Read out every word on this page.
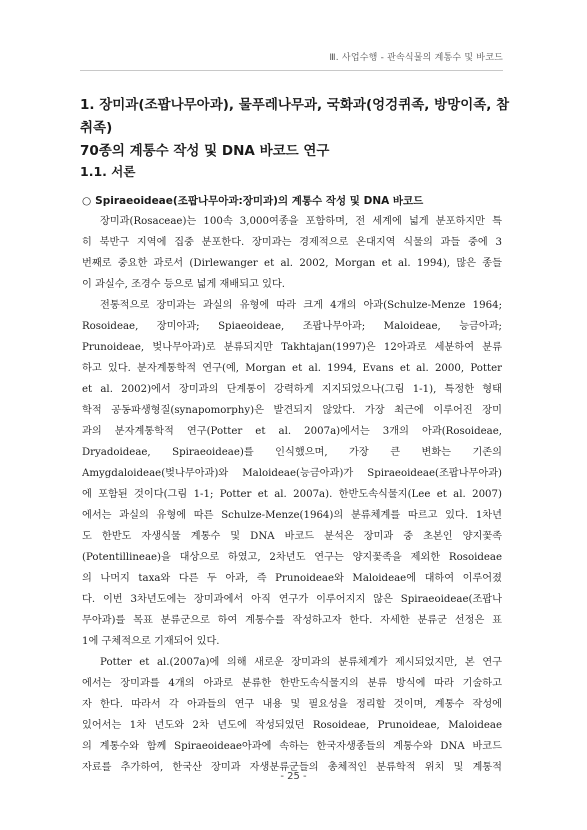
Ⅲ. 사업수행 - 관속식물의 계통수 및 바코드
1. 장미과(조팝나무아과), 물푸레나무과, 국화과(엉겅퀴족, 방망이족, 참취족)
70종의 계통수 작성 및 DNA 바코드 연구
1.1. 서론
○ Spiraeoideae(조팝나무아과:장미과)의 계통수 작성 및 DNA 바코드
장미과(Rosaceae)는 100속 3,000여종을 포함하며, 전 세계에 넓게 분포하지만 특
히 북반구 지역에 집중 분포한다. 장미과는 경제적으로 온대지역 식물의 과들 중에 3
번째로 중요한 과로서 (Dirlewanger et al. 2002, Morgan et al. 1994), 많은 종들
이 과실수, 조경수 등으로 넓게 재배되고 있다.
전통적으로 장미과는 과실의 유형에 따라 크게 4개의 아과(Schulze-Menze 1964;
Rosoideae, 장미아과; Spiaeoideae, 조팝나무아과; Maloideae, 능금아과;
Prunoideae, 벚나무아과)로 분류되지만 Takhtajan(1997)은 12아과로 세분하여 분류
하고 있다. 분자계통학적 연구(예, Morgan et al. 1994, Evans et al. 2000, Potter
et al. 2002)에서 장미과의 단계통이 강력하게 지지되었으나(그림 1-1), 특정한 형태
학적 공동파생형질(synapomorphy)은 발견되지 않았다. 가장 최근에 이루어진 장미
과의 분자계통학적 연구(Potter et al. 2007a)에서는 3개의 아과(Rosoideae,
Dryadoideae, Spiraeoideae)를 인식했으며, 가장 큰 변화는 기존의
Amygdaloideae(벚나무아과)와 Maloideae(능금아과)가 Spiraeoideae(조팝나무아과)
에 포함된 것이다(그림 1-1; Potter et al. 2007a). 한반도속식물지(Lee et al. 2007)
에서는 과실의 유형에 따른 Schulze-Menze(1964)의 분류체계를 따르고 있다. 1차년
도 한반도 자생식물 계통수 및 DNA 바코드 분석은 장미과 중 초본인 양지꽃족
(Potentillineae)을 대상으로 하였고, 2차년도 연구는 양지꽃족을 제외한 Rosoideae
의 나머지 taxa와 다른 두 아과, 즉 Prunoideae와 Maloideae에 대하여 이루어졌
다. 이번 3차년도에는 장미과에서 아직 연구가 이루어지지 않은 Spiraeoideae(조팝나
무아과)를 목표 분류군으로 하여 계통수를 작성하고자 한다. 자세한 분류군 선정은 표
1에 구체적으로 기재되어 있다.
Potter et al.(2007a)에 의해 새로운 장미과의 분류체계가 제시되었지만, 본 연구
에서는 장미과를 4개의 아과로 분류한 한반도속식물지의 분류 방식에 따라 기술하고
자 한다. 따라서 각 아과들의 연구 내용 및 필요성을 정리할 것이며, 계통수 작성에
있어서는 1차 년도와 2차 년도에 작성되었던 Rosoideae, Prunoideae, Maloideae
의 계통수와 함께 Spiraeoideae아과에 속하는 한국자생종들의 계통수와 DNA 바코드
자료를 추가하여, 한국산 장미과 자생분류군들의 총체적인 분류학적 위치 및 계통적
- 25 -
